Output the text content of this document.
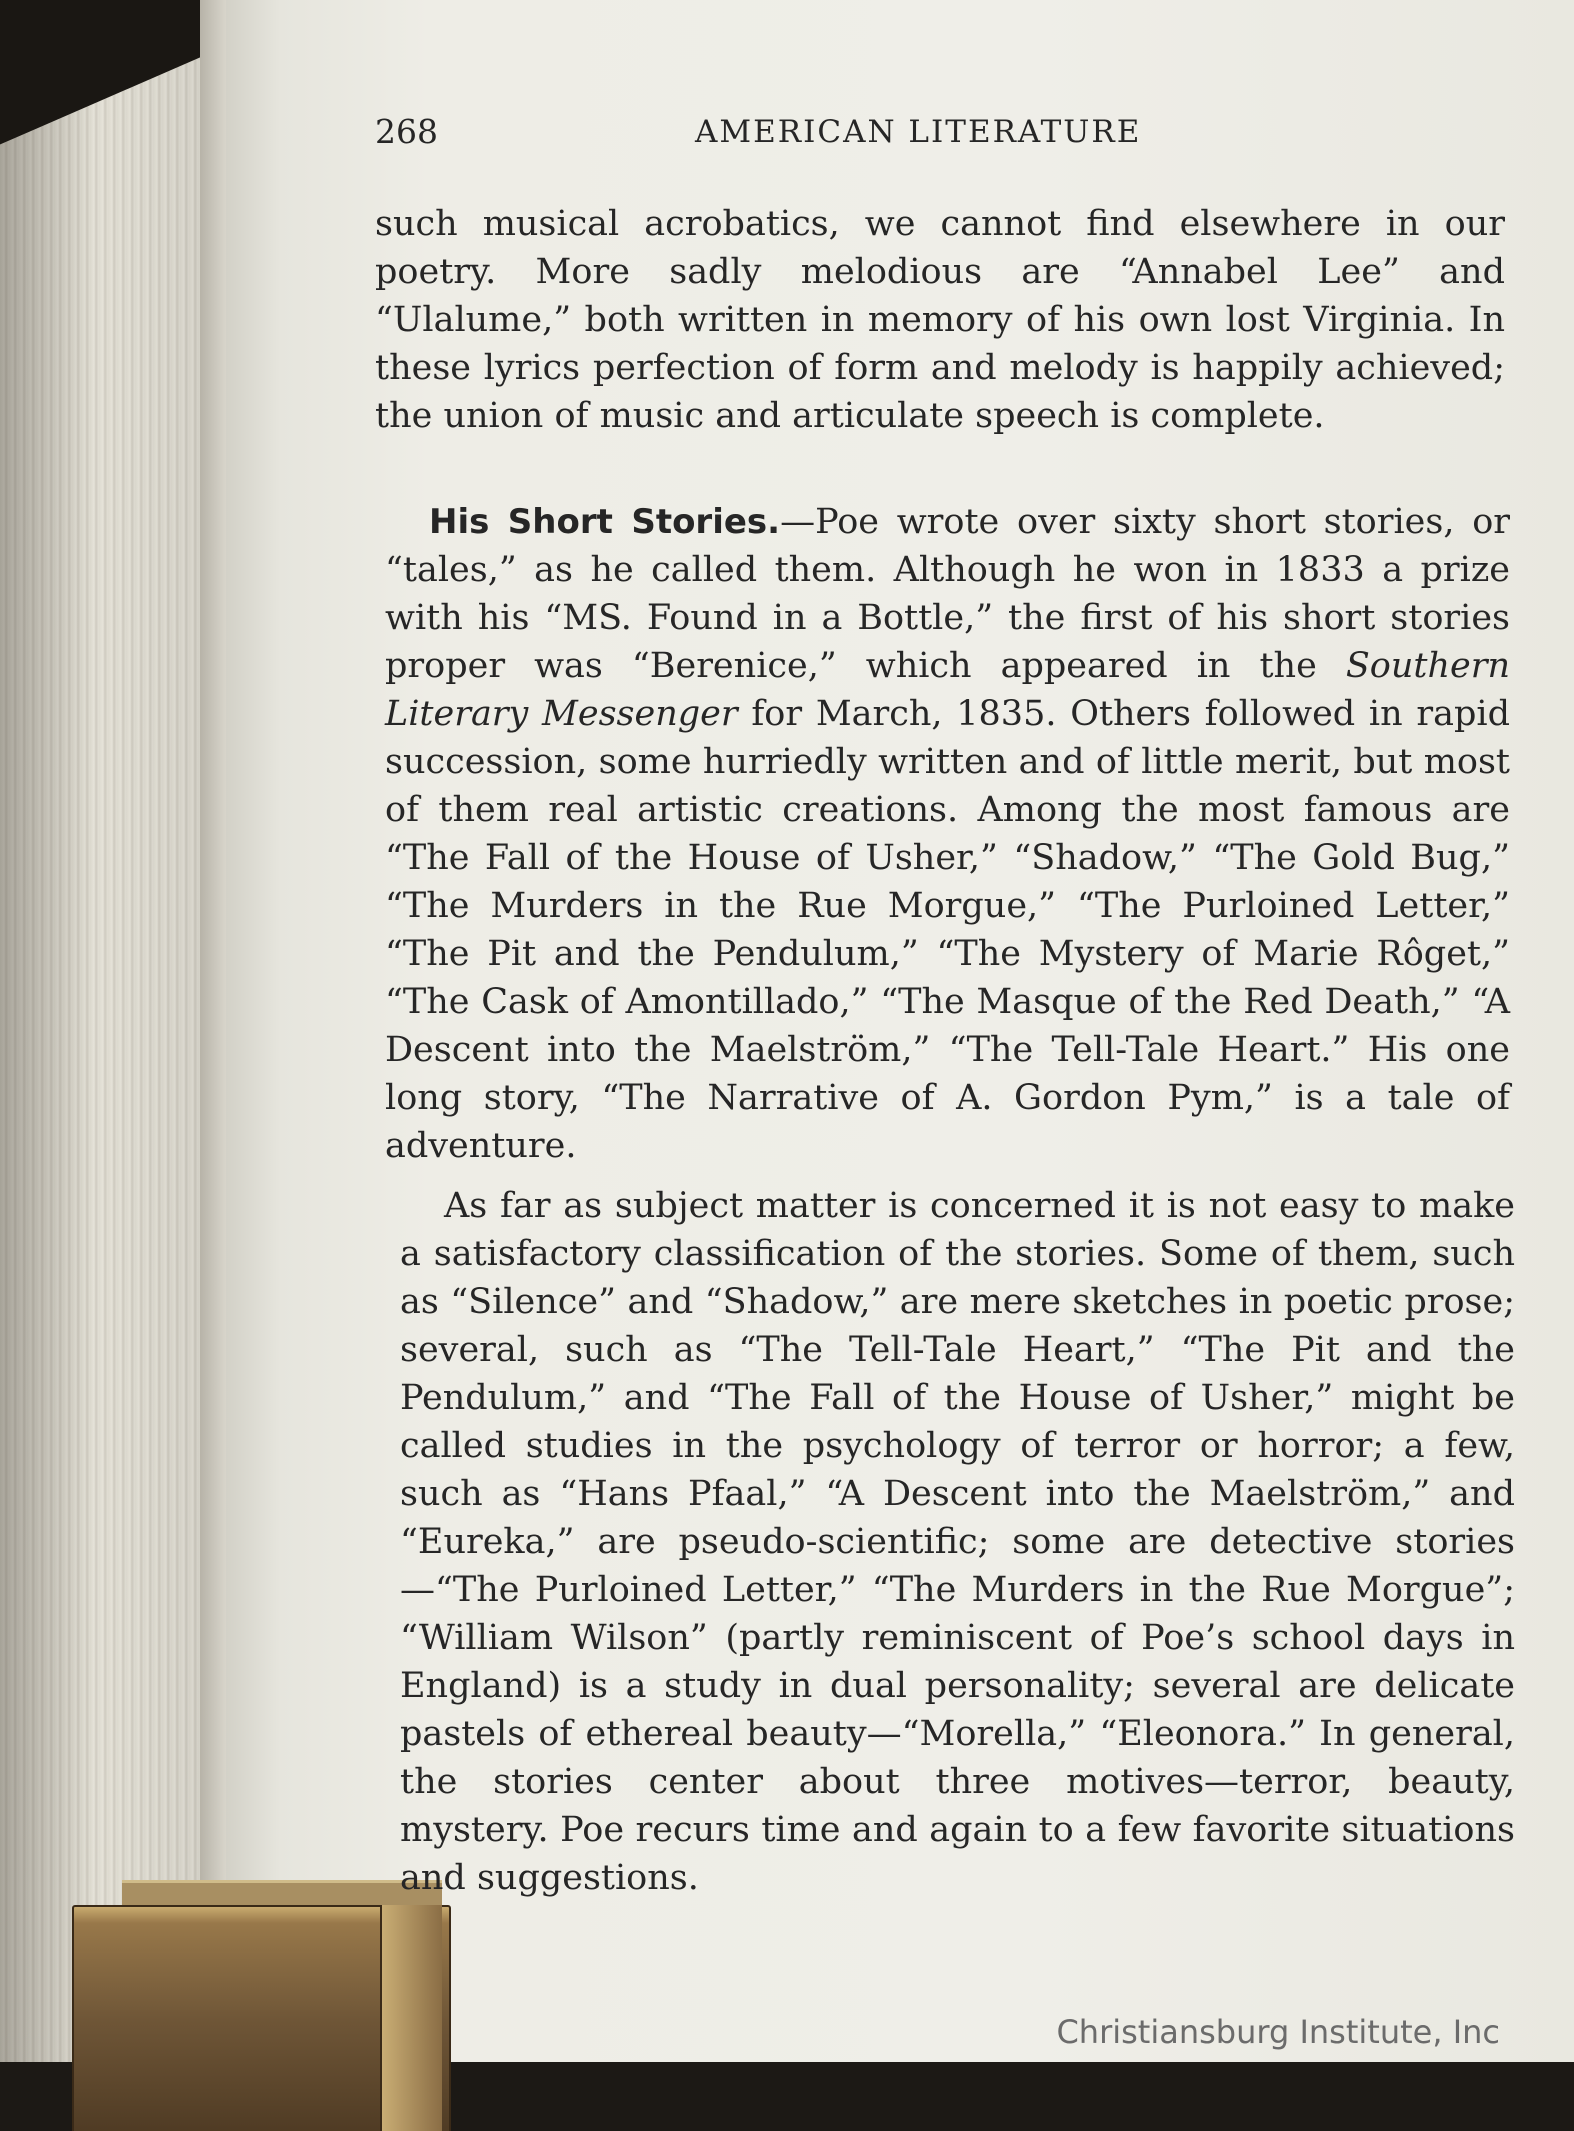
268	AMERICAN LITERATURE

such musical acrobatics, we cannot find elsewhere in our poetry. More sadly melodious are “Annabel Lee” and “Ulalume,” both written in memory of his own lost Virginia. In these lyrics perfection of form and melody is happily achieved; the union of music and articulate speech is complete.

His Short Stories.—Poe wrote over sixty short stories, or “tales,” as he called them. Although he won in 1833 a prize with his “MS. Found in a Bottle,” the first of his short stories proper was “Berenice,” which appeared in the Southern Literary Messenger for March, 1835. Others followed in rapid succession, some hurriedly written and of little merit, but most of them real artistic creations. Among the most famous are “The Fall of the House of Usher,” “Shadow,” “The Gold Bug,” “The Murders in the Rue Morgue,” “The Purloined Letter,” “The Pit and the Pendulum,” “The Mystery of Marie Rôget,” “The Cask of Amontillado,” “The Masque of the Red Death,” “A Descent into the Maelström,” “The Tell-Tale Heart.” His one long story, “The Narrative of A. Gordon Pym,” is a tale of adventure.

As far as subject matter is concerned it is not easy to make a satisfactory classification of the stories. Some of them, such as “Silence” and “Shadow,” are mere sketches in poetic prose; several, such as “The Tell-Tale Heart,” “The Pit and the Pendulum,” and “The Fall of the House of Usher,” might be called studies in the psychology of terror or horror; a few, such as “Hans Pfaal,” “A Descent into the Maelström,” and “Eureka,” are pseudo-scientific; some are detective stories—“The Purloined Letter,” “The Murders in the Rue Morgue”; “William Wilson” (partly reminiscent of Poe’s school days in England) is a study in dual personality; several are delicate pastels of ethereal beauty—“Morella,” “Eleonora.” In general, the stories center about three motives—terror, beauty, mystery. Poe recurs time and again to a few favorite situations and suggestions.

Christiansburg Institute, Inc
